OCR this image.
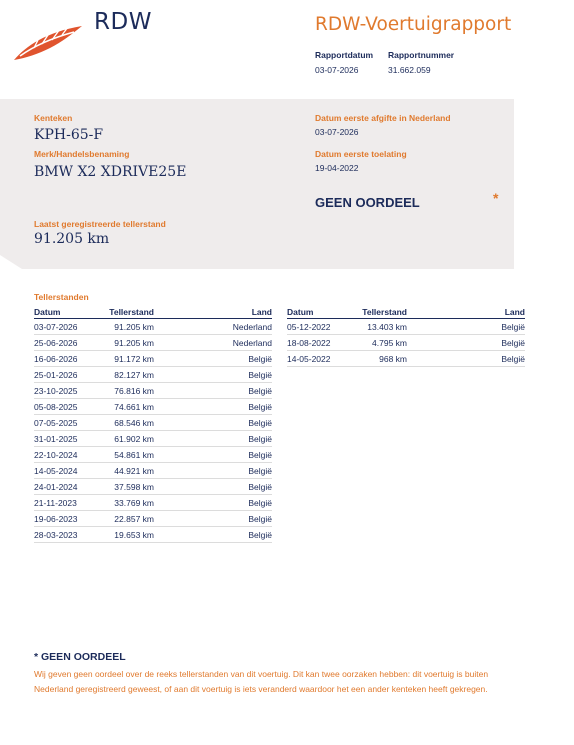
RDW	RDW-Voertuigrapport
Rapportdatum
03-07-2026
Rapportnummer
31.662.059
Kenteken
KPH-65-F
Merk/Handelsbenaming
BMW X2 XDRIVE25E
Laatst geregistreerde tellerstand
91.205 km
Datum eerste afgifte in Nederland
03-07-2026
Datum eerste toelating
19-04-2022
GEEN OORDEEL	*
Tellerstanden
Datum	Tellerstand	Land
03-07-2026	91.205 km	Nederland
25-06-2026	91.205 km	Nederland
16-06-2026	91.172 km	België
25-01-2026	82.127 km	België
23-10-2025	76.816 km	België
05-08-2025	74.661 km	België
07-05-2025	68.546 km	België
31-01-2025	61.902 km	België
22-10-2024	54.861 km	België
14-05-2024	44.921 km	België
24-01-2024	37.598 km	België
21-11-2023	33.769 km	België
19-06-2023	22.857 km	België
28-03-2023	19.653 km	België
Datum	Tellerstand	Land
05-12-2022	13.403 km	België
18-08-2022	4.795 km	België
14-05-2022	968 km	België
* GEEN OORDEEL
Wij geven geen oordeel over de reeks tellerstanden van dit voertuig. Dit kan twee oorzaken hebben: dit voertuig is buiten Nederland geregistreerd geweest, of aan dit voertuig is iets veranderd waardoor het een ander kenteken heeft gekregen.
